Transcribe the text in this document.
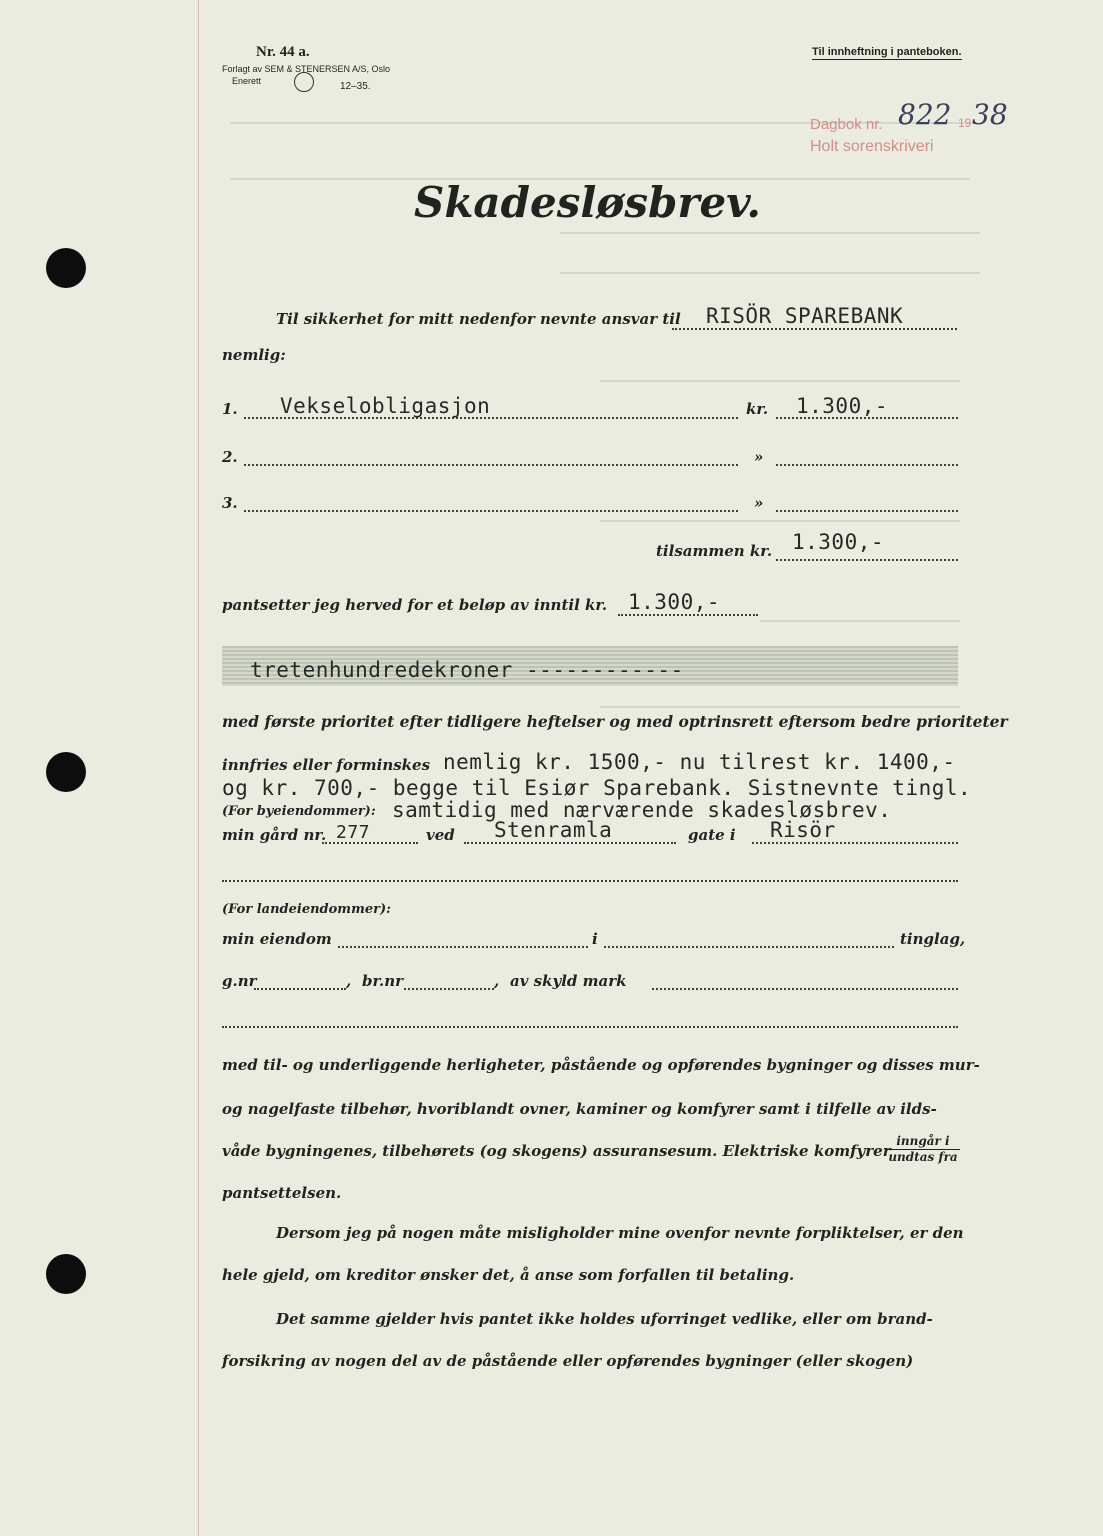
Nr. 44 a.
Forlagt av SEM & STENERSEN A/S, Oslo
Enerett	12–35.
Til innheftning i panteboken.
Dagbok nr. 822 19 38
Holt sorenskriveri
Skadesløsbrev.
Til sikkerhet for mitt nedenfor nevnte ansvar til RISÖR SPAREBANK
nemlig:
1. Vekselobligasjon	kr. 1.300,-
2.	»
3.	»
tilsammen kr. 1.300,-
pantsetter jeg herved for et beløp av inntil kr. 1.300,-
tretenhundredekroner ------------
med første prioritet efter tidligere heftelser og med optrinsrett eftersom bedre prioriteter
innfries eller forminskes nemlig kr. 1500,- nu tilrest kr. 1400,-
og kr. 700,- begge til Esiør Sparebank. Sistnevnte tingl.
(For byeiendommer): samtidig med nærværende skadesløsbrev.
min gård nr. 277	ved Stenramla	gate i Risör
(For landeiendommer):
min eiendom	i	tinglag,
g.nr	, br.nr	, av skyld mark
med til- og underliggende herligheter, påstående og opførendes bygninger og disses mur-
og nagelfaste tilbehør, hvoriblandt ovner, kaminer og komfyrer samt i tilfelle av ilds-
våde bygningenes, tilbehørets (og skogens) assuransesum. Elektriske komfyrer
inngår i
undtas fra
pantsettelsen.
Dersom jeg på nogen måte misligholder mine ovenfor nevnte forpliktelser, er den
hele gjeld, om kreditor ønsker det, å anse som forfallen til betaling.
Det samme gjelder hvis pantet ikke holdes uforringet vedlike, eller om brand-
forsikring av nogen del av de påstående eller opførendes bygninger (eller skogen)
